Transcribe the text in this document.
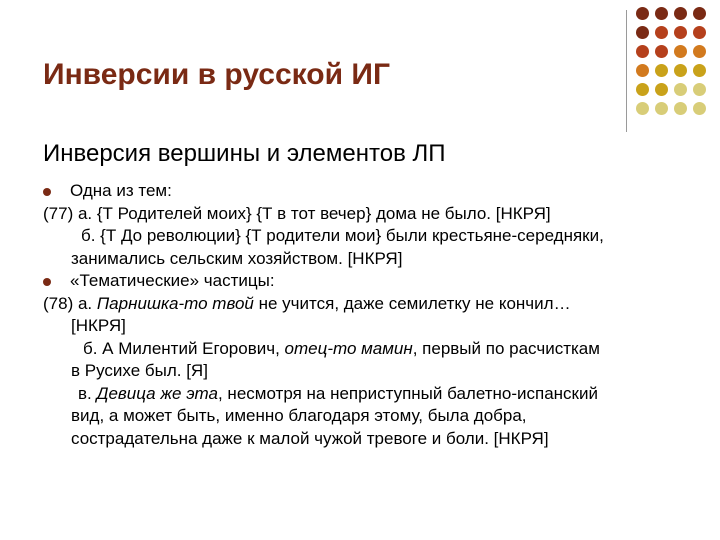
Инверсии в русской ИГ
Инверсия вершины и элементов ЛП
Одна из тем:
(77) а. {Т Родителей моих} {Т в тот вечер} дома не было. [НКРЯ]
б. {Т До революции} {Т родители мои} были крестьяне-середняки,
занимались сельским хозяйством. [НКРЯ]
«Тематические» частицы:
(78) а. Парнишка-то твой не учится, даже семилетку не кончил…
[НКРЯ]
б. А Милентий Егорович, отец-то мамин, первый по расчисткам
в Русихе был. [Я]
в. Девица же эта, несмотря на неприступный балетно-испанский
вид, а может быть, именно благодаря этому, была добра,
сострадательна даже к малой чужой тревоге и боли. [НКРЯ]
